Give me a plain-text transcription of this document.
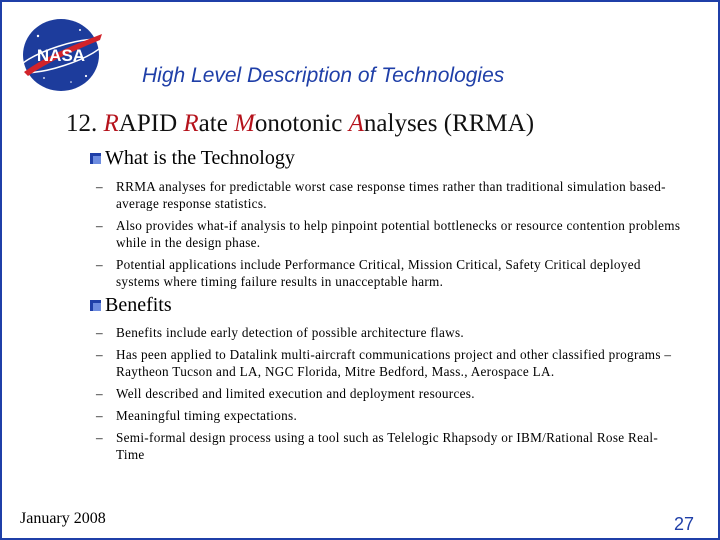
NASA
High Level Description of Technologies
12. RAPID Rate Monotonic Analyses (RRMA)
What is the Technology
– RRMA analyses for predictable worst case response times rather than traditional simulation based- average response statistics.
– Also provides what-if analysis to help pinpoint potential bottlenecks or resource contention problems while in the design phase.
– Potential applications include Performance Critical, Mission Critical, Safety Critical deployed systems where timing failure results in unacceptable harm.
Benefits
– Benefits include early detection of possible architecture flaws.
– Has peen applied to Datalink multi-aircraft communications project and other classified programs – Raytheon Tucson and LA, NGC Florida, Mitre Bedford, Mass., Aerospace LA.
– Well described and limited execution and deployment resources.
– Meaningful timing expectations.
– Semi-formal design process using a tool such as Telelogic Rhapsody or IBM/Rational Rose Real-Time
January 2008	27
